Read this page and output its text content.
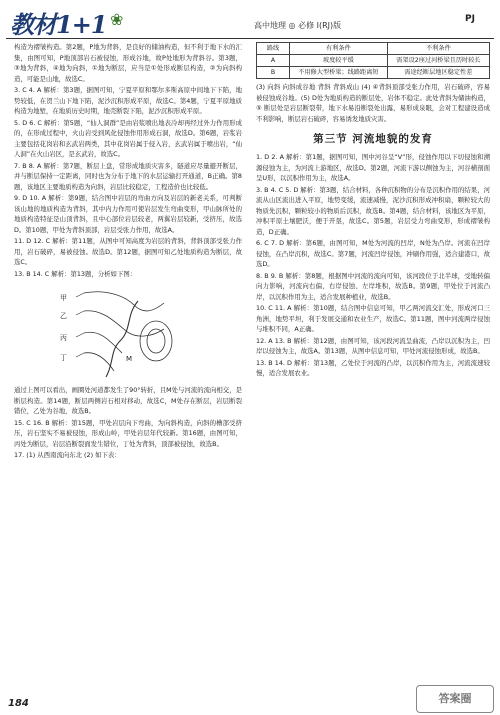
教材1+1 ❀	高中地理 ◎ 必修 I(RJ)版
PJ

构造为褶皱构造。第2题，P地为背斜，是良好的储油构造，但不利于地下水的汇集，由图可知，P地顶部岩石被侵蚀，形成谷地，故P处地形为背斜谷。第3题，③地为背斜，④地为向斜，①地为断层，应当是①处形成断层构造，②为向斜构造，可能是山地，故选C。

3. C 4. A 解析：第3题，据图可知，宁夏平原和鄂尔多斯高原中间地下下陷，地势较低，在贺兰山下地下陷，泥沙沉积形成平原，故选C。第4题，宁夏平原地质构造为地堑，在地质历史时期，地壳断裂下陷，泥沙沉积形成平原。

5. D 6. C 解析：第5题，“仙人洞群”是由岩浆喷出地表冷却再经过外力作用形成的，在形成过程中，火山岩受到风化侵蚀作用形成石洞，故选D。第6题，岩浆岩主要包括花岗岩和玄武岩两类，其中花岗岩属于侵入岩，玄武岩属于喷出岩，“仙人洞”在火山岩区，是玄武岩，故选C。

7. B 8. A 解析：第7题，断层上盘，常形成地质灾害多，隧道应尽量避开断层，并与断层保持一定距离，同时也为分布于地下的水层运输打开通道，B正确。第8题，该地区主要地质构造为向斜，岩层比较稳定，工程造价也比较低。

9. D 10. A 解析：第9题，结合图中岩层的弯曲方向及岩层的新老关系，可判断该山地的地质构造为背斜，其中内力作用可使岩层发生弯曲变形，甲山脉所处的地质构造特征是山顶背斜，且中心部位岩层较老，两翼岩层较新，受挤压，故选D。第10题，甲处为背斜顶部，岩层受张力作用，故选A。

11. D 12. C 解析：第11题，从图中可知高度为岩层的背斜，背斜顶部受张力作用，岩石破碎，易被侵蚀。故选D。第12题，据图可知乙处地质构造为断层，故选C。

13. B 14. C 解析：第13题，分析如下图：

甲
乙
丙
丁	M

通过上图可以看出，画圈处河道都发生了90°转折，且M处与河流的流向相交，是断层构造。第14题，断层两侧岩石相对移动，故选C，M处存在断层，岩层断裂错位，乙处为谷地，故选B。

15. C 16. B 解析：第15题，甲处岩层向下弯曲，为向斜构造，向斜的槽部受挤压，岩石坚实不易被侵蚀，形成山岭，甲处岩层年代较新。第16题，由图可知，丙处为断层，岩层沿断裂面发生错位，丁处为背斜，顶部被侵蚀，故选B。

17. (1) 从西南流向东北 (2) 如下表：

路线	有利条件	不利条件
A	坡度较平缓	需架设2座过河桥梁且历时较长
B	不用修大型桥梁；线路距离短	需途经断层地区稳定性差

(3) 向斜 向斜成谷地 背斜 背斜成山 (4) ④背斜顶部受张力作用，岩石破碎，容易被侵蚀成谷地。(5) D处为地质构造的断层处，岩体不稳定。此处背斜为储油构造，⑤ 断层处是岩层断裂带，地下水易沿断裂处出露，易形成泉眼，会对工程建设造成不利影响，断层岩石破碎，容易诱发地质灾害。

第三节 河流地貌的发育

1. D 2. A 解析：第1题，据图可知，图中河谷呈“V”形，侵蚀作用以下切侵蚀和溯源侵蚀为主，为河流上游地区，故选D。第2题，河流下游以侧蚀为主，河谷横剖面呈U形，以沉积作用为主，故选A。

3. B 4. C 5. D 解析：第3题，结合材料，各种沉积物的分布是沉积作用的结果，河流从山区流出进入平原，地势变缓，流速减慢，泥沙沉积形成冲积扇，颗粒较大的物质先沉积，颗粒较小的物质后沉积，故选B。第4题，结合材料，该地区为平原，冲积平原土壤肥沃，便于开垦，故选C。第5题，岩层受力弯曲变形，形成褶皱构造，D正确。

6. C 7. D 解析：第6题，由图可知，M处为河流的凹岸，N处为凸岸。河流在凹岸侵蚀，在凸岸沉积，故选C。第7题，河流凹岸侵蚀，冲刷作用强，适合建港口，故选D。

8. B 9. B 解析：第8题，根据图中河流的流向可知，该河段位于北半球，受地转偏向力影响，河流向右偏，右岸侵蚀、左岸堆积，故选B。第9题，甲处位于河流凸岸，以沉积作用为主，适合发展种植业，故选B。

10. C 11. A 解析：第10题，结合图中信息可知，甲乙两河流交汇处，形成河口三角洲，地势平坦，利于发展交通和农业生产，故选C。第11题，图中河流两岸侵蚀与堆积不同，A正确。

12. A 13. B 解析：第12题，由图可知，该河段河流呈曲流，凸岸以沉积为主，凹岸以侵蚀为主，故选A。第13题，从图中信息可知，甲处河流侵蚀形成，故选B。

13. B 14. D 解析：第13题，乙处位于河流的凸岸，以沉积作用为主，河流流速较慢，适合发展农业。

184	答案圈
